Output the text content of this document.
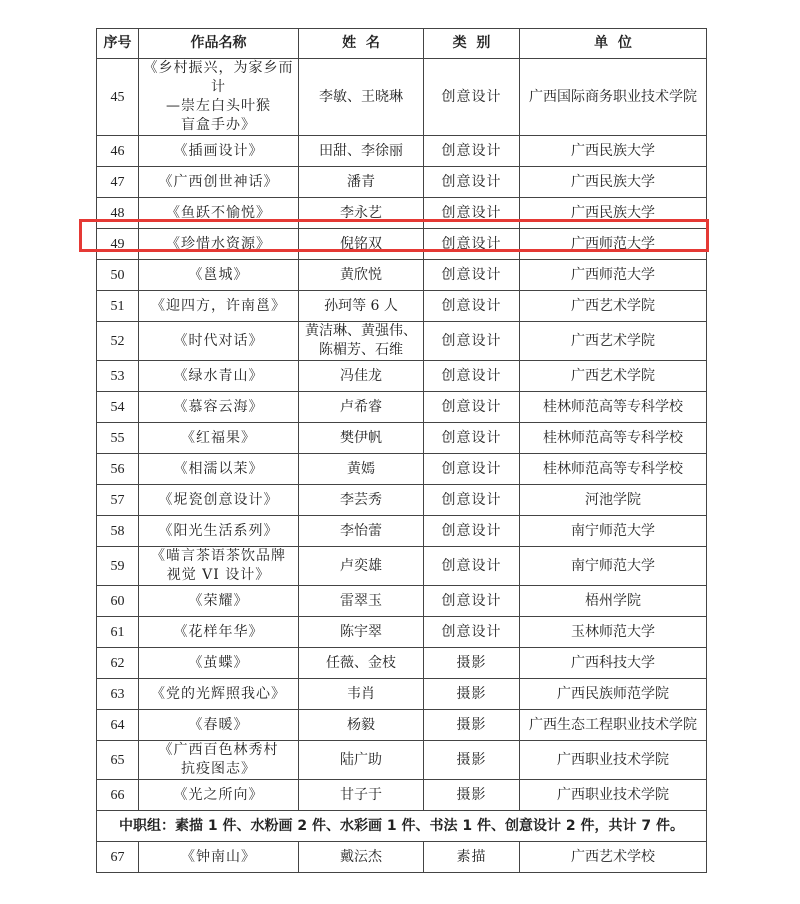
序号	作品名称	姓  名	类  别	单  位
45	《乡村振兴，为家乡而计
—崇左白头叶猴
盲盒手办》	李敏、王晓琳	创意设计	广西国际商务职业技术学院
46	《插画设计》	田甜、李徐丽	创意设计	广西民族大学
47	《广西创世神话》	潘青	创意设计	广西民族大学
48	《鱼跃不愉悦》	李永艺	创意设计	广西民族大学
49	《珍惜水资源》	倪铭双	创意设计	广西师范大学
50	《邕城》	黄欣悦	创意设计	广西师范大学
51	《迎四方，许南邕》	孙珂等 6 人	创意设计	广西艺术学院
52	《时代对话》	黄洁琳、黄强伟、
陈楣芳、石维	创意设计	广西艺术学院
53	《绿水青山》	冯佳龙	创意设计	广西艺术学院
54	《慕容云海》	卢希睿	创意设计	桂林师范高等专科学校
55	《红福果》	樊伊帆	创意设计	桂林师范高等专科学校
56	《相濡以茉》	黄嫣	创意设计	桂林师范高等专科学校
57	《坭瓷创意设计》	李芸秀	创意设计	河池学院
58	《阳光生活系列》	李怡蕾	创意设计	南宁师范大学
59	《喵言茶语茶饮品牌
视觉 VI 设计》	卢奕雄	创意设计	南宁师范大学
60	《荣耀》	雷翠玉	创意设计	梧州学院
61	《花样年华》	陈宇翠	创意设计	玉林师范大学
62	《茧蝶》	任薇、金枝	摄影	广西科技大学
63	《党的光辉照我心》	韦肖	摄影	广西民族师范学院
64	《春暖》	杨毅	摄影	广西生态工程职业技术学院
65	《广西百色林秀村
抗疫图志》	陆广助	摄影	广西职业技术学院
66	《光之所向》	甘子于	摄影	广西职业技术学院
中职组：素描 1 件、水粉画 2 件、水彩画 1 件、书法 1 件、创意设计 2 件，共计 7 件。				
67	《钟南山》	戴沄杰	素描	广西艺术学校
